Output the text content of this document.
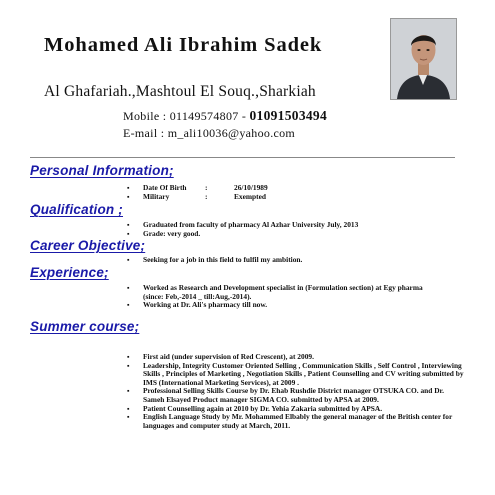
Mohamed Ali Ibrahim Sadek
Al Ghafariah.,Mashtoul El Souq.,Sharkiah
Mobile : 01149574807 - 01091503494
E-mail : m_ali10036@yahoo.com
Personal Information;
▪ Date Of Birth :	26/10/1989
▪ Military	:	Exempted
Qualification ;
▪ Graduated from faculty of pharmacy Al Azhar University July, 2013
▪ Grade: very good.
Career Objective;
▪ Seeking for a job in this field to fulfil my ambition.
Experience;
▪ Worked as Research and Development specialist in (Formulation section) at Egy pharma (since: Feb,-2014 _ till:Aug,-2014).
▪ Working at Dr. Ali's pharmacy till now.
Summer course;
▪ First aid (under supervision of Red Crescent), at 2009.
▪ Leadership, Integrity Customer Oriented Selling , Communication Skills , Self Control , Interviewing Skills , Principles of Marketing , Negotiation Skills , Patient Counselling and CV writing submitted by IMS (International Marketing Services), at 2009 .
▪ Professional Selling Skills Course by Dr. Ehab Rushdie District manager OTSUKA CO. and Dr. Sameh Elsayed Product manager SIGMA CO. submitted by APSA at 2009.
▪ Patient Counselling again at 2010 by Dr. Yehia Zakaria submitted by APSA.
▪ English Language Study by Mr. Mohammed Elbably the general manager of the British center for languages and computer study at March, 2011.
